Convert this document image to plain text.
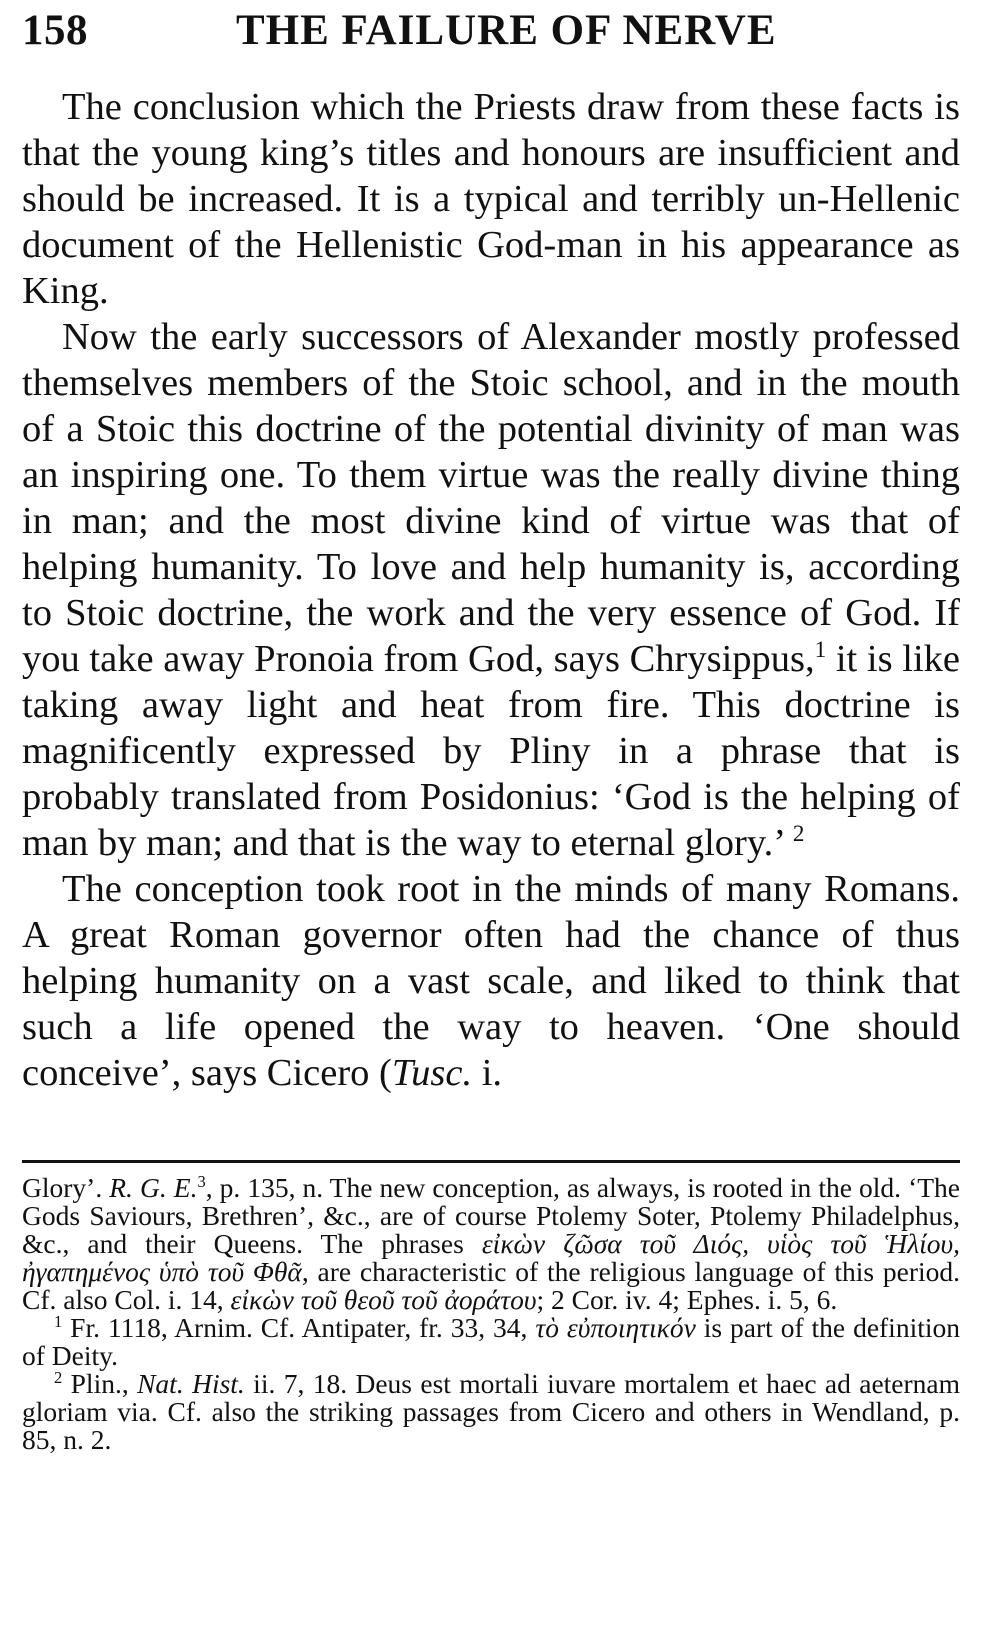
158	THE FAILURE OF NERVE

The conclusion which the Priests draw from these facts is that the young king’s titles and honours are insufficient and should be increased. It is a typical and terribly un-Hellenic document of the Hellenistic God-man in his appearance as King.

Now the early successors of Alexander mostly professed themselves members of the Stoic school, and in the mouth of a Stoic this doctrine of the potential divinity of man was an inspiring one. To them virtue was the really divine thing in man; and the most divine kind of virtue was that of helping humanity. To love and help humanity is, according to Stoic doctrine, the work and the very essence of God. If you take away Pronoia from God, says Chrysippus,$^1$ it is like taking away light and heat from fire. This doctrine is magnificently expressed by Pliny in a phrase that is probably translated from Posidonius: ‘God is the helping of man by man; and that is the way to eternal glory.’ $^2$

The conception took root in the minds of many Romans. A great Roman governor often had the chance of thus helping humanity on a vast scale, and liked to think that such a life opened the way to heaven. ‘One should conceive’, says Cicero (Tusc. i.

Glory’. R. G. E.$^3$, p. 135, n. The new conception, as always, is rooted in the old. ‘The Gods Saviours, Brethren’, &c., are of course Ptolemy Soter, Ptolemy Philadelphus, &c., and their Queens. The phrases εἰκὼν ζῶσα τοῦ Διός, υἱὸς τοῦ Ἡλίου, ἠγαπημένος ὑπὸ τοῦ Φθᾶ, are characteristic of the religious language of this period. Cf. also Col. i. 14, εἰκὼν τοῦ θεοῦ τοῦ ἀοράτου; 2 Cor. iv. 4; Ephes. i. 5, 6.

$^1$ Fr. 1118, Arnim. Cf. Antipater, fr. 33, 34, τὸ εὐποιητικόν is part of the definition of Deity.

$^2$ Plin., Nat. Hist. ii. 7, 18. Deus est mortali iuvare mortalem et haec ad aeternam gloriam via. Cf. also the striking passages from Cicero and others in Wendland, p. 85, n. 2.
